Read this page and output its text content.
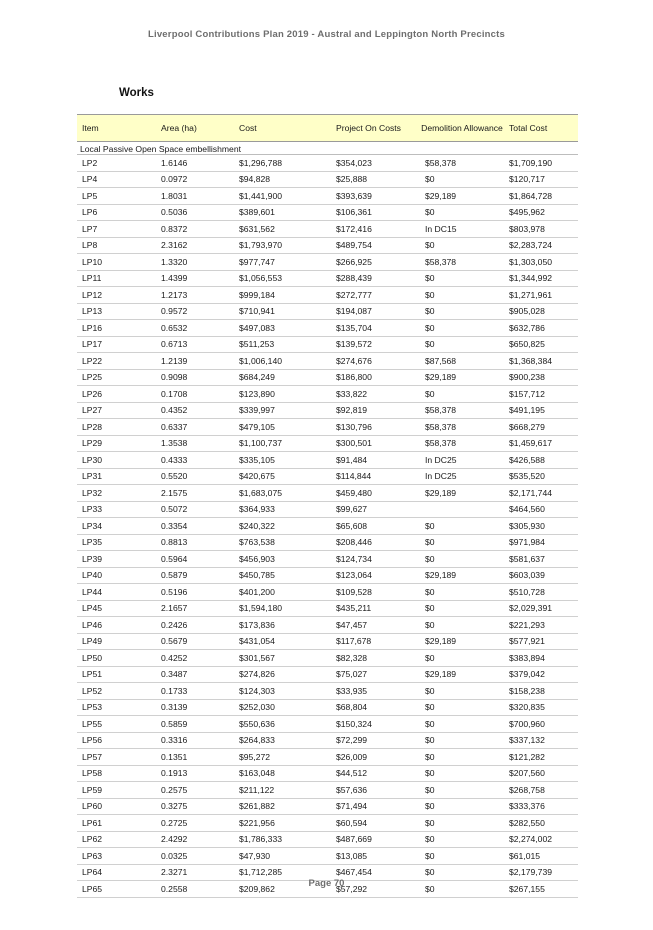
Liverpool Contributions Plan 2019 - Austral and Leppington North Precincts
Works
Item	Area (ha)	Cost	Project On Costs	Demolition Allowance	Total Cost
Local Passive Open Space embellishment					
LP2	1.6146	$1,296,788	$354,023	$58,378	$1,709,190
LP4	0.0972	$94,828	$25,888	$0	$120,717
LP5	1.8031	$1,441,900	$393,639	$29,189	$1,864,728
LP6	0.5036	$389,601	$106,361	$0	$495,962
LP7	0.8372	$631,562	$172,416	In DC15	$803,978
LP8	2.3162	$1,793,970	$489,754	$0	$2,283,724
LP10	1.3320	$977,747	$266,925	$58,378	$1,303,050
LP11	1.4399	$1,056,553	$288,439	$0	$1,344,992
LP12	1.2173	$999,184	$272,777	$0	$1,271,961
LP13	0.9572	$710,941	$194,087	$0	$905,028
LP16	0.6532	$497,083	$135,704	$0	$632,786
LP17	0.6713	$511,253	$139,572	$0	$650,825
LP22	1.2139	$1,006,140	$274,676	$87,568	$1,368,384
LP25	0.9098	$684,249	$186,800	$29,189	$900,238
LP26	0.1708	$123,890	$33,822	$0	$157,712
LP27	0.4352	$339,997	$92,819	$58,378	$491,195
LP28	0.6337	$479,105	$130,796	$58,378	$668,279
LP29	1.3538	$1,100,737	$300,501	$58,378	$1,459,617
LP30	0.4333	$335,105	$91,484	In DC25	$426,588
LP31	0.5520	$420,675	$114,844	In DC25	$535,520
LP32	2.1575	$1,683,075	$459,480	$29,189	$2,171,744
LP33	0.5072	$364,933	$99,627		$464,560
LP34	0.3354	$240,322	$65,608	$0	$305,930
LP35	0.8813	$763,538	$208,446	$0	$971,984
LP39	0.5964	$456,903	$124,734	$0	$581,637
LP40	0.5879	$450,785	$123,064	$29,189	$603,039
LP44	0.5196	$401,200	$109,528	$0	$510,728
LP45	2.1657	$1,594,180	$435,211	$0	$2,029,391
LP46	0.2426	$173,836	$47,457	$0	$221,293
LP49	0.5679	$431,054	$117,678	$29,189	$577,921
LP50	0.4252	$301,567	$82,328	$0	$383,894
LP51	0.3487	$274,826	$75,027	$29,189	$379,042
LP52	0.1733	$124,303	$33,935	$0	$158,238
LP53	0.3139	$252,030	$68,804	$0	$320,835
LP55	0.5859	$550,636	$150,324	$0	$700,960
LP56	0.3316	$264,833	$72,299	$0	$337,132
LP57	0.1351	$95,272	$26,009	$0	$121,282
LP58	0.1913	$163,048	$44,512	$0	$207,560
LP59	0.2575	$211,122	$57,636	$0	$268,758
LP60	0.3275	$261,882	$71,494	$0	$333,376
LP61	0.2725	$221,956	$60,594	$0	$282,550
LP62	2.4292	$1,786,333	$487,669	$0	$2,274,002
LP63	0.0325	$47,930	$13,085	$0	$61,015
LP64	2.3271	$1,712,285	$467,454	$0	$2,179,739
LP65	0.2558	$209,862	$57,292	$0	$267,155
Page 70
